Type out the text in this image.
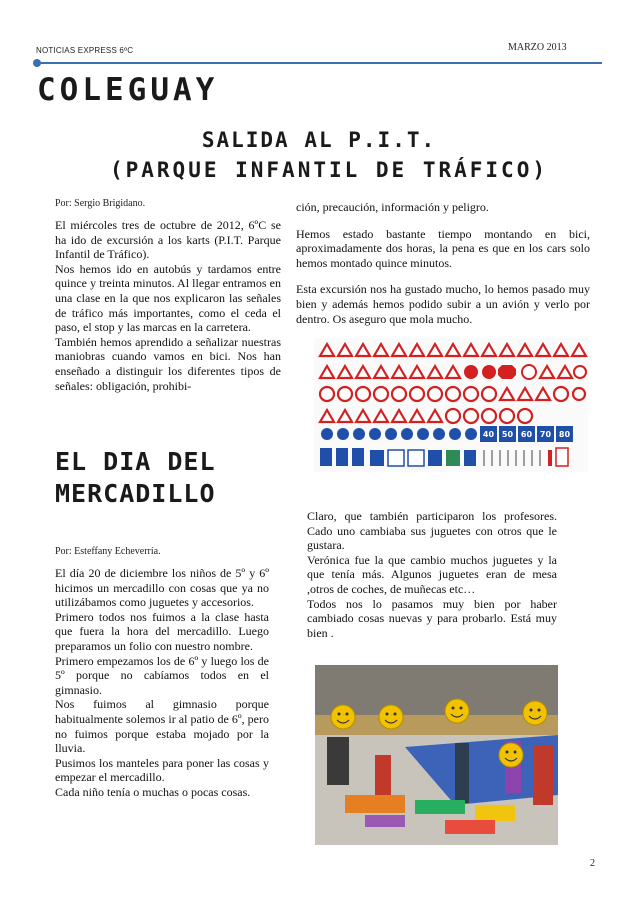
NOTICIAS EXPRESS 6ºC	MARZO 2013
COLEGUAY
SALIDA AL P.I.T.
(PARQUE INFANTIL DE TRÁFICO)
Por: Sergio Brigidano.

El miércoles tres de octubre de 2012, 6ºC se ha ido de excursión a los karts (P.I.T. Parque Infantil de Tráfico).

Nos hemos ido en autobús y tardamos entre quince y treinta minutos. Al llegar entramos en una clase en la que nos explicaron las señales de tráfico más importantes, como el ceda el paso, el stop y las marcas en la carretera.

También hemos aprendido a señalizar nuestras maniobras cuando vamos en bici. Nos han enseñado a distinguir los diferentes tipos de señales: obligación, prohibi-

ción, precaución, información y peligro.

Hemos estado bastante tiempo montando en bici, aproximadamente dos horas, la pena es que en los cars solo hemos montado quince minutos.

Esta excursión nos ha gustado mucho, lo hemos pasado muy bien y además hemos podido subir a un avión y verlo por dentro. Os aseguro que mola mucho.

40 50 60 70 80
EL DIA DEL
MERCADILLO
Por: Esteffany Echeverría.

El día 20 de diciembre los niños de 5º y 6º hicimos un mercadillo con cosas que ya no utilizábamos como juguetes y accesorios.

Primero todos nos fuimos a la clase hasta que fuera la hora del mercadillo. Luego preparamos un folio con nuestro nombre.

Primero empezamos los de 6º y luego los de 5º porque no cabíamos todos en el gimnasio.

Nos fuimos al gimnasio porque habitualmente solemos ir al patio de 6º, pero no fuimos porque estaba mojado por la lluvia.

Pusimos los manteles para poner las cosas y empezar el mercadillo.

Cada niño tenía o muchas o pocas cosas.

Claro, que también participaron los profesores. Cado uno cambiaba sus juguetes con otros que le gustara.

Verónica fue la que cambio muchos juguetes y la que tenía más. Algunos juguetes eran de mesa ,otros de coches, de muñecas etc…

Todos nos lo pasamos muy bien por haber cambiado cosas nuevas y para probarlo. Está muy bien .

2
